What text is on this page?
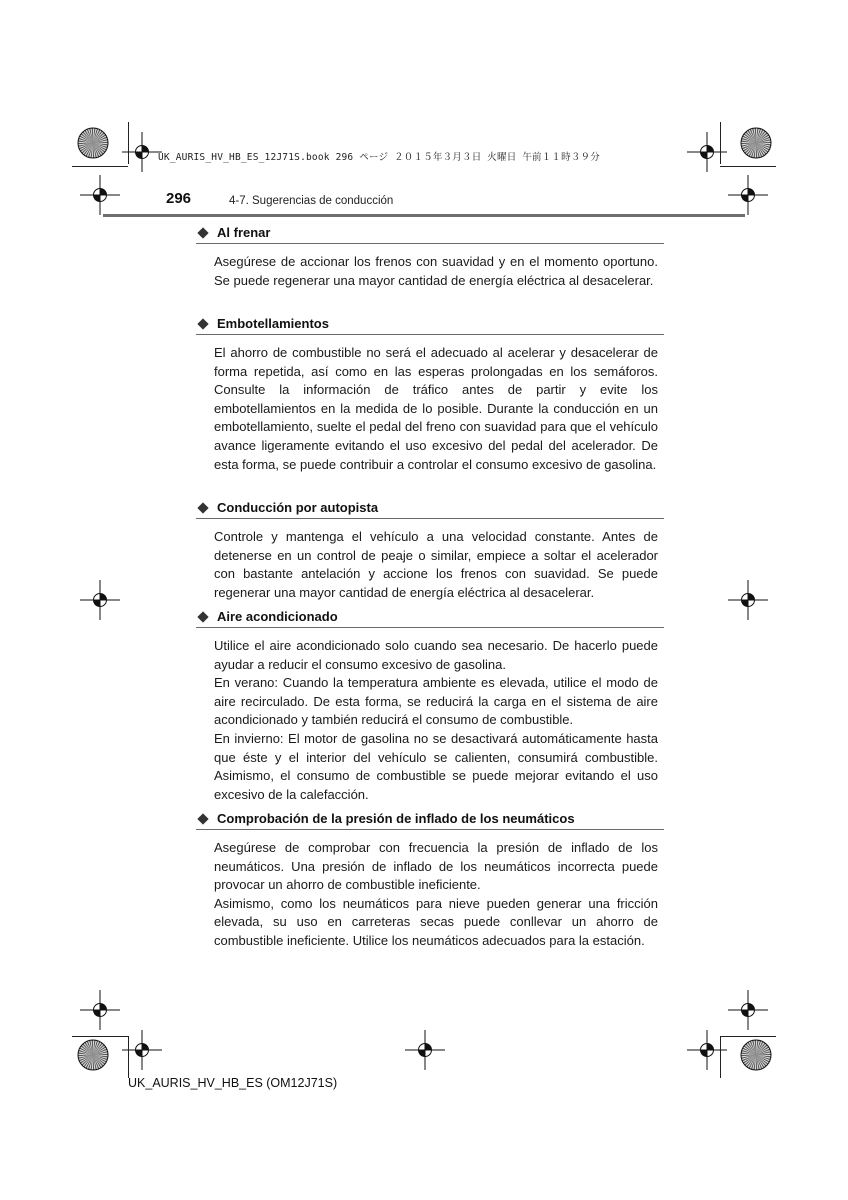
UK_AURIS_HV_HB_ES_12J71S.book 296 ページ ２０１５年３月３日 火曜日 午前１１時３９分
296	4-7. Sugerencias de conducción
Al frenar

Asegúrese de accionar los frenos con suavidad y en el momento oportuno. Se puede regenerar una mayor cantidad de energía eléctrica al desacelerar.

Embotellamientos

El ahorro de combustible no será el adecuado al acelerar y desacelerar de forma repetida, así como en las esperas prolongadas en los semáforos. Consulte la información de tráfico antes de partir y evite los embotellamientos en la medida de lo posible. Durante la conducción en un embotellamiento, suelte el pedal del freno con suavidad para que el vehículo avance ligeramente evitando el uso excesivo del pedal del acelerador. De esta forma, se puede contribuir a controlar el consumo excesivo de gasolina.

Conducción por autopista

Controle y mantenga el vehículo a una velocidad constante. Antes de detenerse en un control de peaje o similar, empiece a soltar el acelerador con bastante antelación y accione los frenos con suavidad. Se puede regenerar una mayor cantidad de energía eléctrica al desacelerar.

Aire acondicionado

Utilice el aire acondicionado solo cuando sea necesario. De hacerlo puede ayudar a reducir el consumo excesivo de gasolina.

En verano: Cuando la temperatura ambiente es elevada, utilice el modo de aire recirculado. De esta forma, se reducirá la carga en el sistema de aire acondicionado y también reducirá el consumo de combustible.

En invierno: El motor de gasolina no se desactivará automáticamente hasta que éste y el interior del vehículo se calienten, consumirá combustible. Asimismo, el consumo de combustible se puede mejorar evitando el uso excesivo de la calefacción.

Comprobación de la presión de inflado de los neumáticos

Asegúrese de comprobar con frecuencia la presión de inflado de los neumáticos. Una presión de inflado de los neumáticos incorrecta puede provocar un ahorro de combustible ineficiente.

Asimismo, como los neumáticos para nieve pueden generar una fricción elevada, su uso en carreteras secas puede conllevar un ahorro de combustible ineficiente. Utilice los neumáticos adecuados para la estación.

UK_AURIS_HV_HB_ES (OM12J71S)
